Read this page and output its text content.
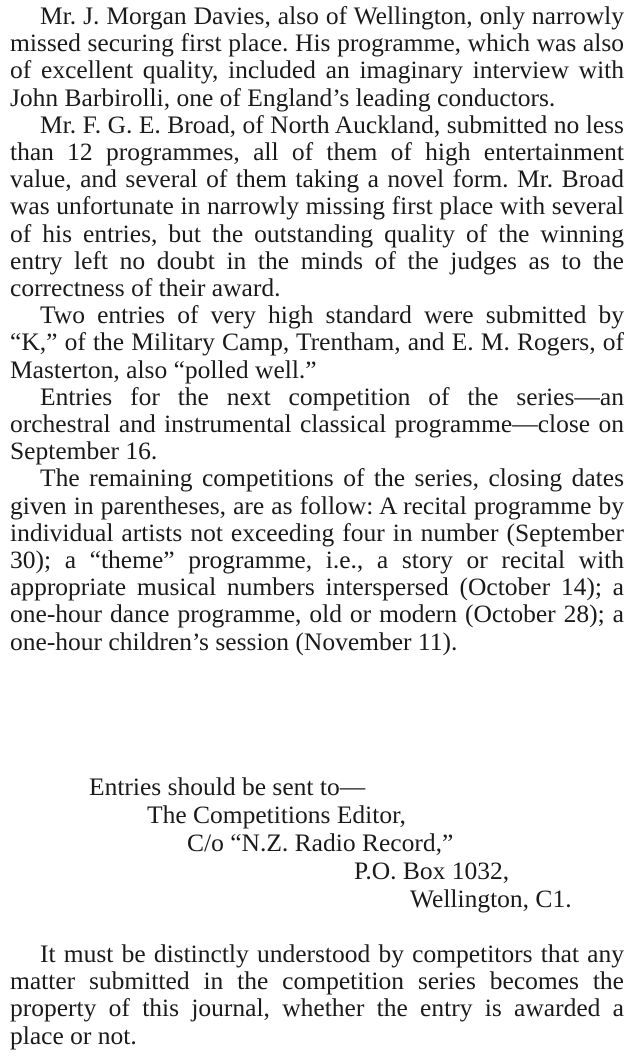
Mr. J. Morgan Davies, also of Wellington, only narrowly missed securing first place. His programme, which was also of excellent quality, included an imaginary interview with John Barbirolli, one of England’s leading conductors.

Mr. F. G. E. Broad, of North Auckland, submitted no less than 12 programmes, all of them of high entertainment value, and several of them taking a novel form. Mr. Broad was unfortunate in narrowly missing first place with several of his entries, but the outstanding quality of the winning entry left no doubt in the minds of the judges as to the correctness of their award.

Two entries of very high standard were submitted by “K,” of the Military Camp, Trentham, and E. M. Rogers, of Masterton, also “polled well.”

Entries for the next competition of the series—an orchestral and instrumental classical programme—close on September 16.

The remaining competitions of the series, closing dates given in parentheses, are as follow: A recital programme by individual artists not exceeding four in number (September 30); a “theme” programme, i.e., a story or recital with appropriate musical numbers interspersed (October 14); a one-hour dance programme, old or modern (October 28); a one-hour children’s session (November 11).

Entries should be sent to—
The Competitions Editor,
C/o “N.Z. Radio Record,”
P.O. Box 1032,
Wellington, C1.

It must be distinctly understood by competitors that any matter submitted in the competition series becomes the property of this journal, whether the entry is awarded a place or not.
